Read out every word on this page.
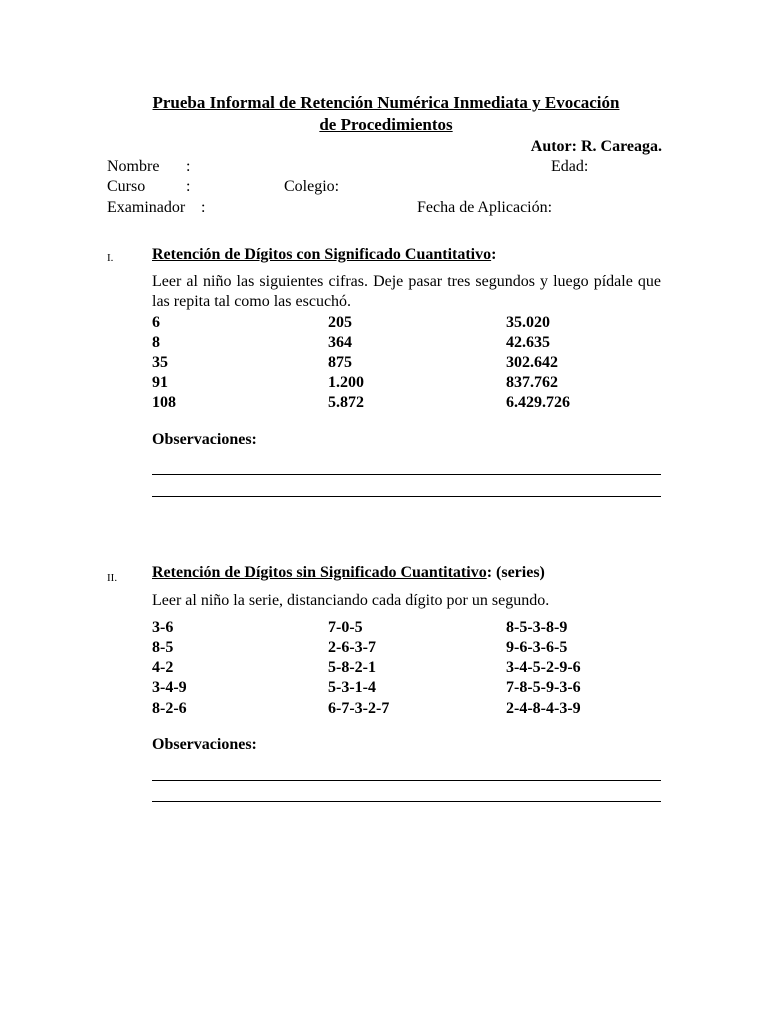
Prueba Informal de Retención Numérica Inmediata y Evocación
de Procedimientos
Autor: R. Careaga.
Nombre :	Edad:
Curso	:	Colegio:
Examinador :	Fecha de Aplicación:
I. Retención de Dígitos con Significado Cuantitativo:
Leer al niño las siguientes cifras. Deje pasar tres segundos y luego pídale que las repita tal como las escuchó.
6	205	35.020
8	364	42.635
35	875	302.642
91	1.200	837.762
108	5.872	6.429.726
Observaciones:
II. Retención de Dígitos sin Significado Cuantitativo: (series)
Leer al niño la serie, distanciando cada dígito por un segundo.
3-6	7-0-5	8-5-3-8-9
8-5	2-6-3-7	9-6-3-6-5
4-2	5-8-2-1	3-4-5-2-9-6
3-4-9	5-3-1-4	7-8-5-9-3-6
8-2-6	6-7-3-2-7	2-4-8-4-3-9
Observaciones:
